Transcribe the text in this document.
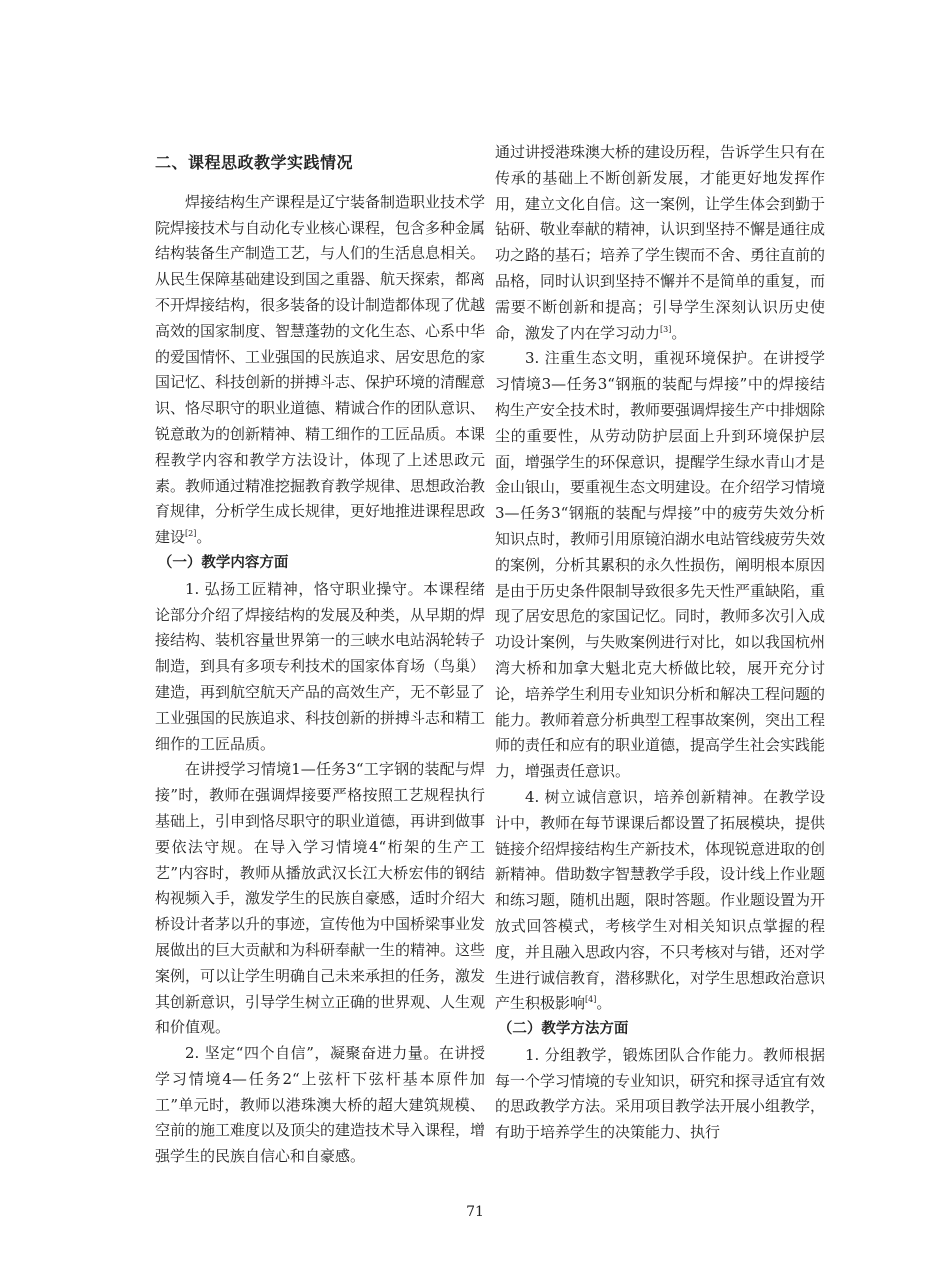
二、课程思政教学实践情况

焊接结构生产课程是辽宁装备制造职业技术学院焊接技术与自动化专业核心课程，包含多种金属结构装备生产制造工艺，与人们的生活息息相关。从民生保障基础建设到国之重器、航天探索，都离不开焊接结构，很多装备的设计制造都体现了优越高效的国家制度、智慧蓬勃的文化生态、心系中华的爱国情怀、工业强国的民族追求、居安思危的家国记忆、科技创新的拼搏斗志、保护环境的清醒意识、恪尽职守的职业道德、精诚合作的团队意识、锐意敢为的创新精神、精工细作的工匠品质。本课程教学内容和教学方法设计，体现了上述思政元素。教师通过精准挖掘教育教学规律、思想政治教育规律，分析学生成长规律，更好地推进课程思政建设[2]。

（一）教学内容方面

1. 弘扬工匠精神，恪守职业操守。本课程绪论部分介绍了焊接结构的发展及种类，从早期的焊接结构、装机容量世界第一的三峡水电站涡轮转子制造，到具有多项专利技术的国家体育场（鸟巢）建造，再到航空航天产品的高效生产，无不彰显了工业强国的民族追求、科技创新的拼搏斗志和精工细作的工匠品质。

在讲授学习情境1—任务3“工字钢的装配与焊接”时，教师在强调焊接要严格按照工艺规程执行基础上，引申到恪尽职守的职业道德，再讲到做事要依法守规。在导入学习情境4“桁架的生产工艺”内容时，教师从播放武汉长江大桥宏伟的钢结构视频入手，激发学生的民族自豪感，适时介绍大桥设计者茅以升的事迹，宣传他为中国桥梁事业发展做出的巨大贡献和为科研奉献一生的精神。这些案例，可以让学生明确自己未来承担的任务，激发其创新意识，引导学生树立正确的世界观、人生观和价值观。

2. 坚定“四个自信”，凝聚奋进力量。在讲授学习情境4—任务2“上弦杆下弦杆基本原件加工”单元时，教师以港珠澳大桥的超大建筑规模、空前的施工难度以及顶尖的建造技术导入课程，增强学生的民族自信心和自豪感。

通过讲授港珠澳大桥的建设历程，告诉学生只有在传承的基础上不断创新发展，才能更好地发挥作用，建立文化自信。这一案例，让学生体会到勤于钻研、敬业奉献的精神，认识到坚持不懈是通往成功之路的基石；培养了学生锲而不舍、勇往直前的品格，同时认识到坚持不懈并不是简单的重复，而需要不断创新和提高；引导学生深刻认识历史使命，激发了内在学习动力[3]。

3. 注重生态文明，重视环境保护。在讲授学习情境3—任务3“钢瓶的装配与焊接”中的焊接结构生产安全技术时，教师要强调焊接生产中排烟除尘的重要性，从劳动防护层面上升到环境保护层面，增强学生的环保意识，提醒学生绿水青山才是金山银山，要重视生态文明建设。在介绍学习情境3—任务3“钢瓶的装配与焊接”中的疲劳失效分析知识点时，教师引用原镜泊湖水电站管线疲劳失效的案例，分析其累积的永久性损伤，阐明根本原因是由于历史条件限制导致很多先天性严重缺陷，重现了居安思危的家国记忆。同时，教师多次引入成功设计案例，与失败案例进行对比，如以我国杭州湾大桥和加拿大魁北克大桥做比较，展开充分讨论，培养学生利用专业知识分析和解决工程问题的能力。教师着意分析典型工程事故案例，突出工程师的责任和应有的职业道德，提高学生社会实践能力，增强责任意识。

4. 树立诚信意识，培养创新精神。在教学设计中，教师在每节课课后都设置了拓展模块，提供链接介绍焊接结构生产新技术，体现锐意进取的创新精神。借助数字智慧教学手段，设计线上作业题和练习题，随机出题，限时答题。作业题设置为开放式回答模式，考核学生对相关知识点掌握的程度，并且融入思政内容，不只考核对与错，还对学生进行诚信教育，潜移默化，对学生思想政治意识产生积极影响[4]。

（二）教学方法方面

1. 分组教学，锻炼团队合作能力。教师根据每一个学习情境的专业知识，研究和探寻适宜有效的思政教学方法。采用项目教学法开展小组教学，有助于培养学生的决策能力、执行

71
